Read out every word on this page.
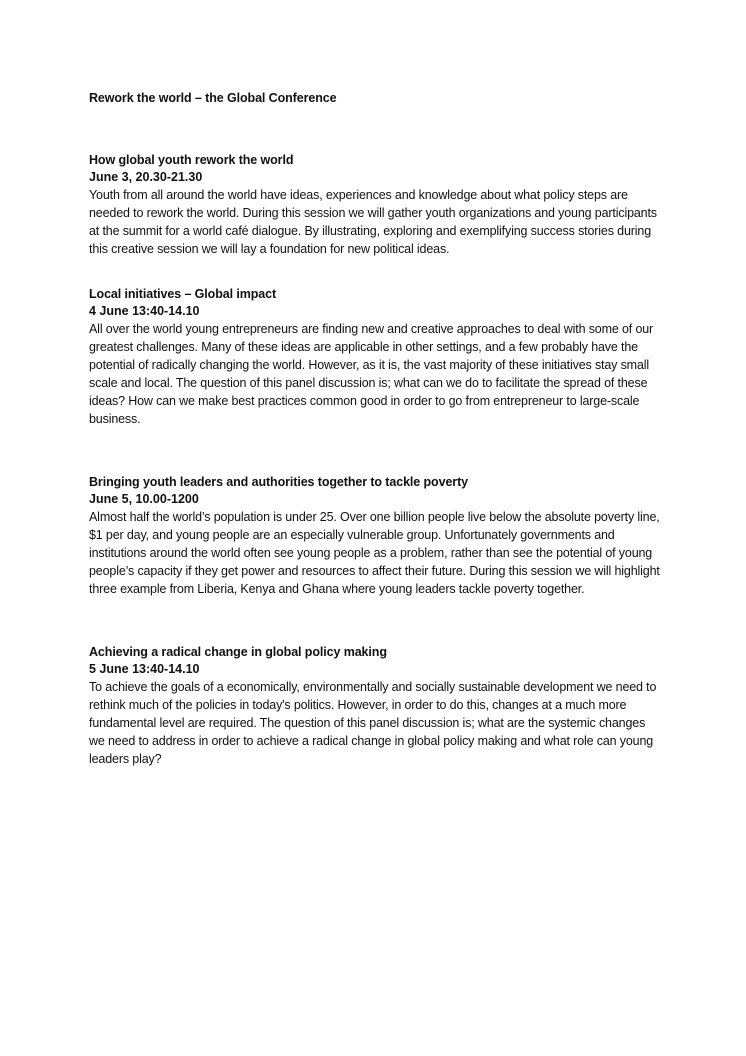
Rework the world – the Global Conference
How global youth rework the world
June 3, 20.30-21.30

Youth from all around the world have ideas, experiences and knowledge about what policy steps are needed to rework the world. During this session we will gather youth organizations and young participants at the summit for a world café dialogue. By illustrating, exploring and exemplifying success stories during this creative session we will lay a foundation for new political ideas.

Local initiatives – Global impact
4 June 13:40-14.10

All over the world young entrepreneurs are finding new and creative approaches to deal with some of our greatest challenges. Many of these ideas are applicable in other settings, and a few probably have the potential of radically changing the world. However, as it is, the vast majority of these initiatives stay small scale and local. The question of this panel discussion is; what can we do to facilitate the spread of these ideas? How can we make best practices common good in order to go from entrepreneur to large-scale business.

Bringing youth leaders and authorities together to tackle poverty
June 5, 10.00-1200

Almost half the world’s population is under 25. Over one billion people live below the absolute poverty line, $1 per day, and young people are an especially vulnerable group. Unfortunately governments and institutions around the world often see young people as a problem, rather than see the potential of young people’s capacity if they get power and resources to affect their future. During this session we will highlight three example from Liberia, Kenya and Ghana where young leaders tackle poverty together.

Achieving a radical change in global policy making
5 June 13:40-14.10

To achieve the goals of a economically, environmentally and socially sustainable development we need to rethink much of the policies in today's politics. However, in order to do this, changes at a much more fundamental level are required. The question of this panel discussion is; what are the systemic changes we need to address in order to achieve a radical change in global policy making and what role can young leaders play?
